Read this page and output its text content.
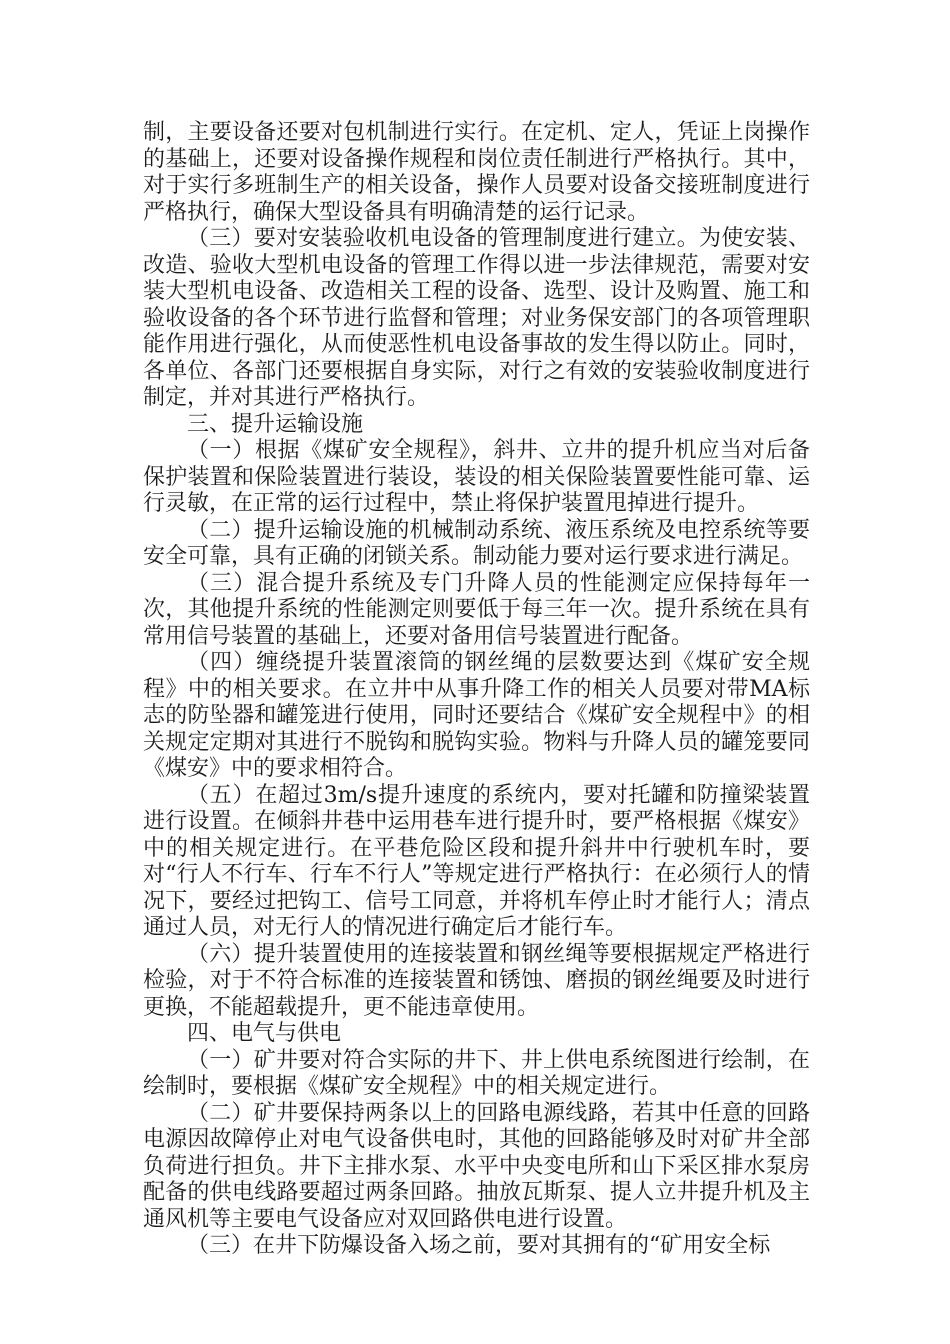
制，主要设备还要对包机制进行实行。在定机、定人，凭证上岗操作的基础上，还要对设备操作规程和岗位责任制进行严格执行。其中，对于实行多班制生产的相关设备，操作人员要对设备交接班制度进行严格执行，确保大型设备具有明确清楚的运行记录。

（三）要对安装验收机电设备的管理制度进行建立。为使安装、改造、验收大型机电设备的管理工作得以进一步法律规范，需要对安装大型机电设备、改造相关工程的设备、选型、设计及购置、施工和验收设备的各个环节进行监督和管理；对业务保安部门的各项管理职能作用进行强化，从而使恶性机电设备事故的发生得以防止。同时，各单位、各部门还要根据自身实际，对行之有效的安装验收制度进行制定，并对其进行严格执行。

三、提升运输设施

（一）根据《煤矿安全规程》，斜井、立井的提升机应当对后备保护装置和保险装置进行装设，装设的相关保险装置要性能可靠、运行灵敏，在正常的运行过程中，禁止将保护装置甩掉进行提升。

（二）提升运输设施的机械制动系统、液压系统及电控系统等要安全可靠，具有正确的闭锁关系。制动能力要对运行要求进行满足。

（三）混合提升系统及专门升降人员的性能测定应保持每年一次，其他提升系统的性能测定则要低于每三年一次。提升系统在具有常用信号装置的基础上，还要对备用信号装置进行配备。

（四）缠绕提升装置滚筒的钢丝绳的层数要达到《煤矿安全规程》中的相关要求。在立井中从事升降工作的相关人员要对带MA标志的防坠器和罐笼进行使用，同时还要结合《煤矿安全规程中》的相关规定定期对其进行不脱钩和脱钩实验。物料与升降人员的罐笼要同《煤安》中的要求相符合。

（五）在超过3m/s提升速度的系统内，要对托罐和防撞梁装置进行设置。在倾斜井巷中运用巷车进行提升时，要严格根据《煤安》中的相关规定进行。在平巷危险区段和提升斜井中行驶机车时，要对“行人不行车、行车不行人”等规定进行严格执行：在必须行人的情况下，要经过把钩工、信号工同意，并将机车停止时才能行人；清点通过人员，对无行人的情况进行确定后才能行车。

（六）提升装置使用的连接装置和钢丝绳等要根据规定严格进行检验，对于不符合标准的连接装置和锈蚀、磨损的钢丝绳要及时进行更换，不能超载提升，更不能违章使用。

四、电气与供电

（一）矿井要对符合实际的井下、井上供电系统图进行绘制，在绘制时，要根据《煤矿安全规程》中的相关规定进行。

（二）矿井要保持两条以上的回路电源线路，若其中任意的回路电源因故障停止对电气设备供电时，其他的回路能够及时对矿井全部负荷进行担负。井下主排水泵、水平中央变电所和山下采区排水泵房配备的供电线路要超过两条回路。抽放瓦斯泵、提人立井提升机及主通风机等主要电气设备应对双回路供电进行设置。

（三）在井下防爆设备入场之前，要对其拥有的“矿用安全标
